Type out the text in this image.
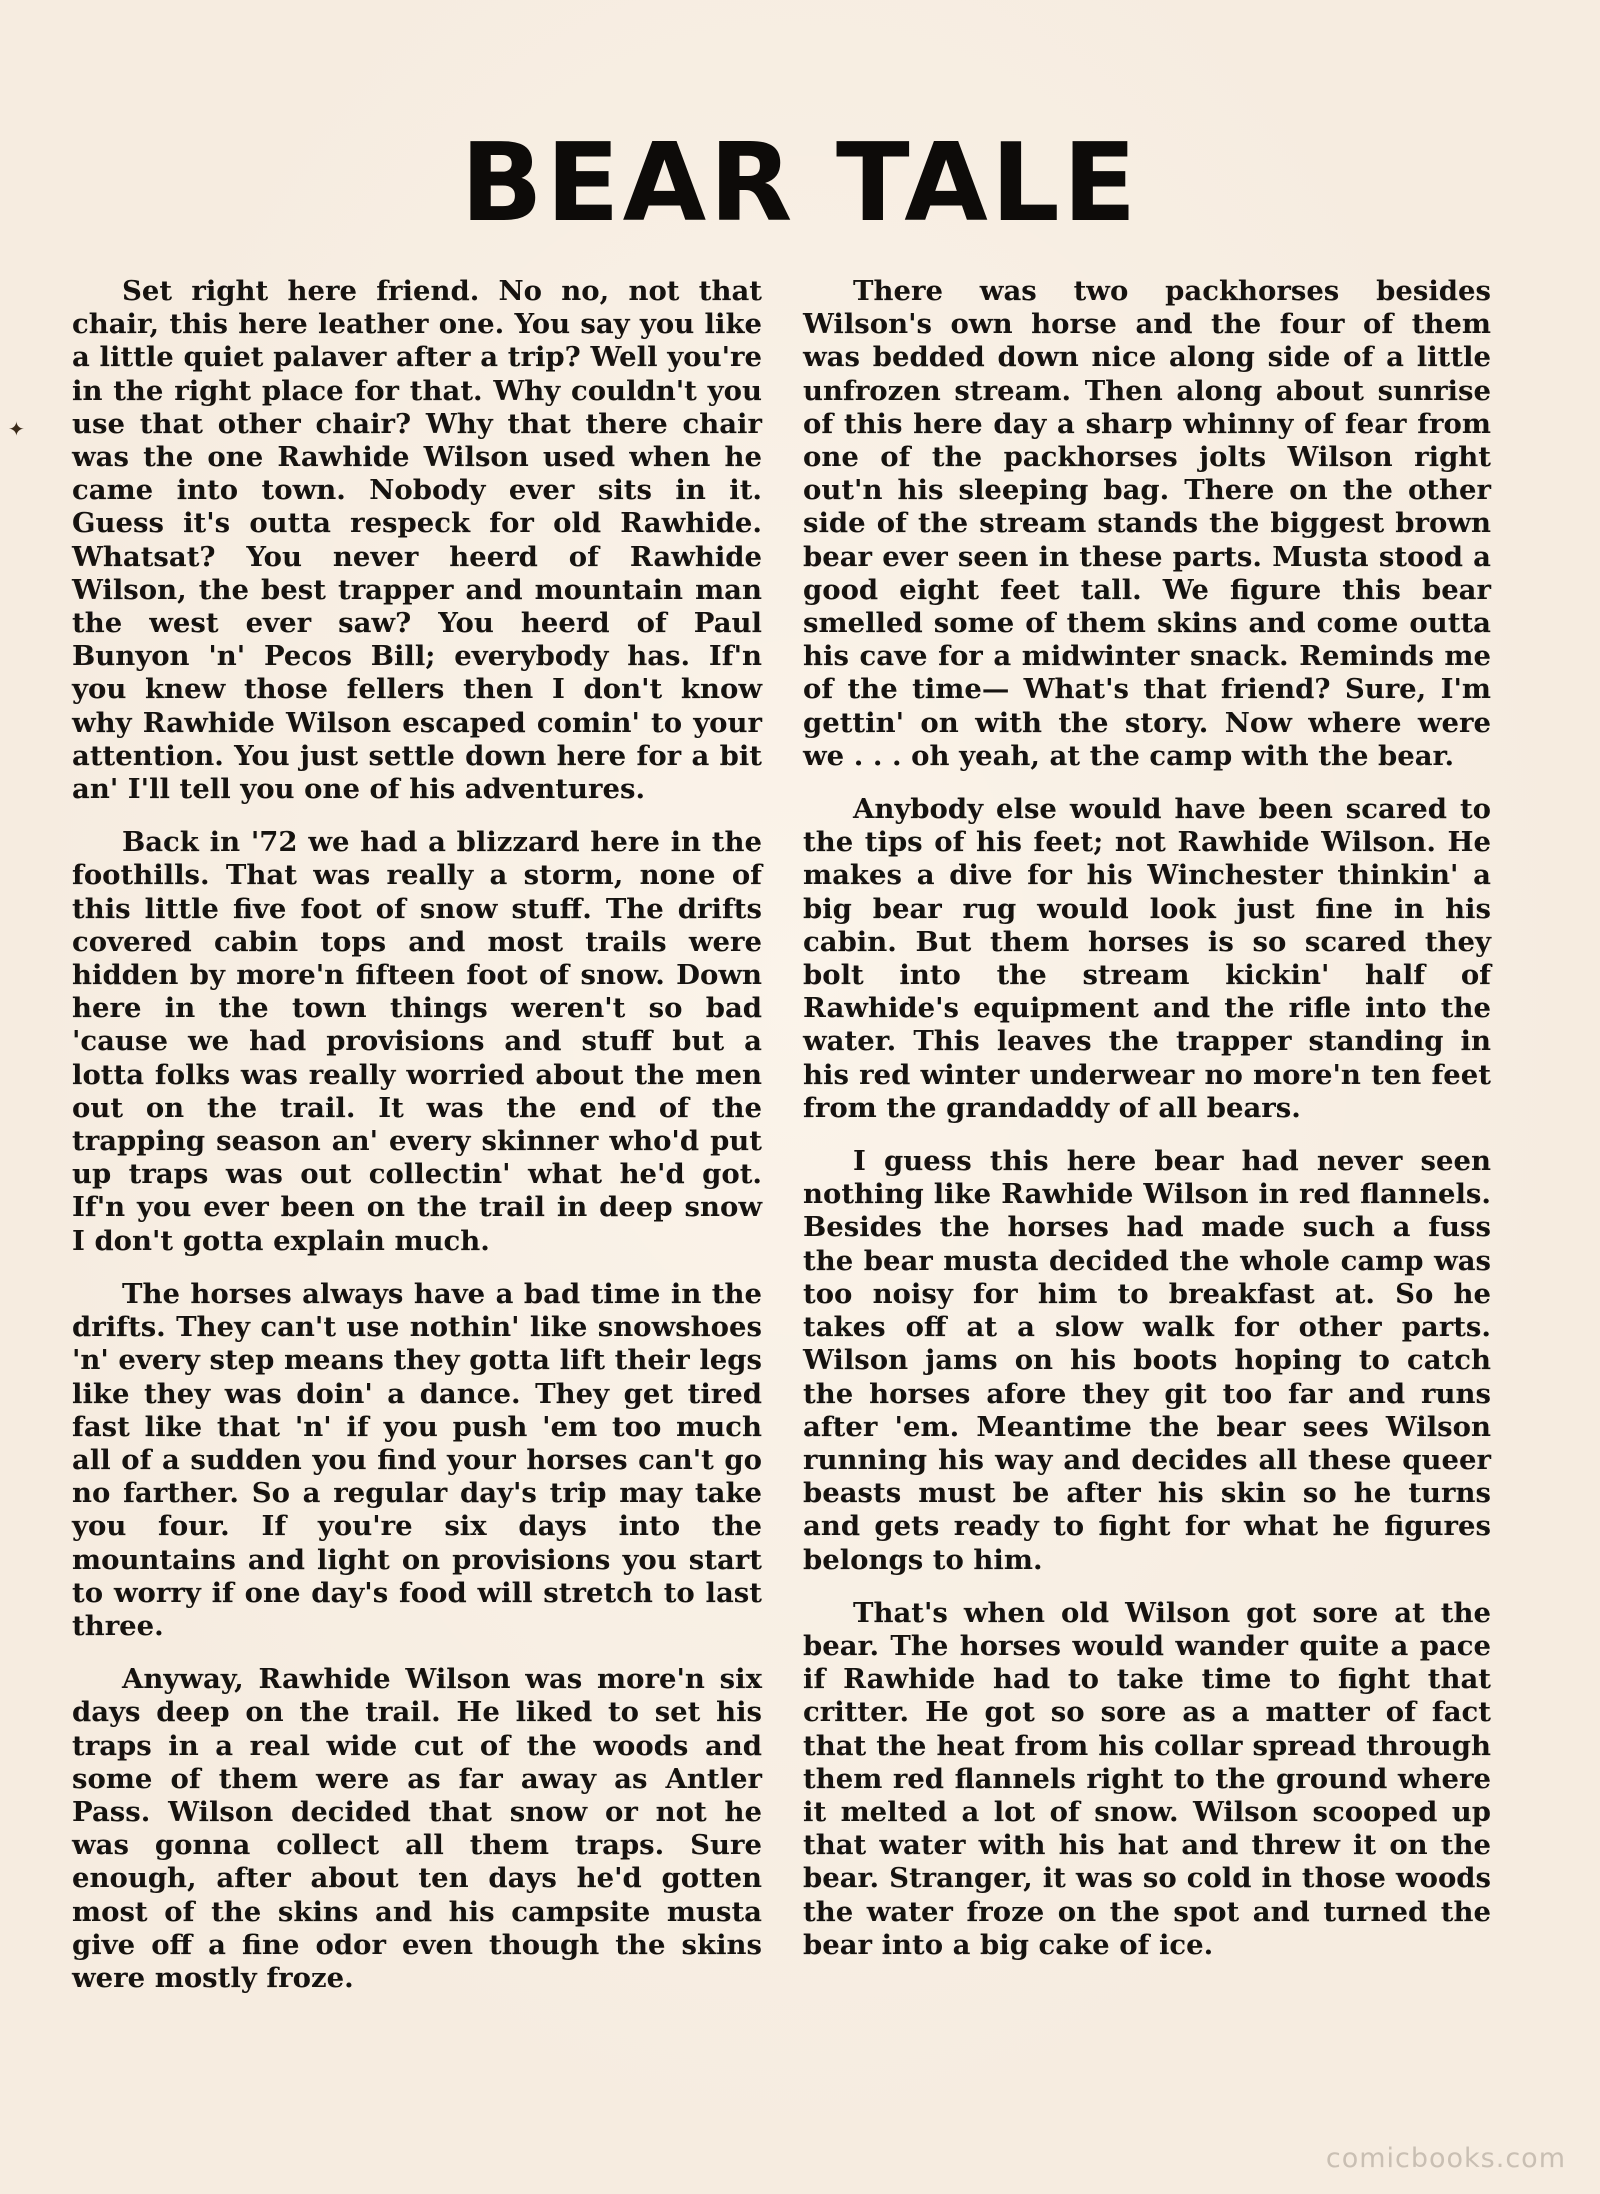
BEAR TALE

Set right here friend. No no, not that chair, this here leather one. You say you like a little quiet palaver after a trip? Well you're in the right place for that. Why couldn't you use that other chair? Why that there chair was the one Rawhide Wilson used when he came into town. Nobody ever sits in it. Guess it's outta respeck for old Rawhide. Whatsat? You never heerd of Rawhide Wilson, the best trapper and mountain man the west ever saw? You heerd of Paul Bunyon 'n' Pecos Bill; everybody has. If'n you knew those fellers then I don't know why Rawhide Wilson escaped comin' to your attention. You just settle down here for a bit an' I'll tell you one of his adventures.

Back in '72 we had a blizzard here in the foothills. That was really a storm, none of this little five foot of snow stuff. The drifts covered cabin tops and most trails were hidden by more'n fifteen foot of snow. Down here in the town things weren't so bad 'cause we had provisions and stuff but a lotta folks was really worried about the men out on the trail. It was the end of the trapping season an' every skinner who'd put up traps was out collectin' what he'd got. If'n you ever been on the trail in deep snow I don't gotta explain much.

The horses always have a bad time in the drifts. They can't use nothin' like snowshoes 'n' every step means they gotta lift their legs like they was doin' a dance. They get tired fast like that 'n' if you push 'em too much all of a sudden you find your horses can't go no farther. So a regular day's trip may take you four. If you're six days into the mountains and light on provisions you start to worry if one day's food will stretch to last three.

Anyway, Rawhide Wilson was more'n six days deep on the trail. He liked to set his traps in a real wide cut of the woods and some of them were as far away as Antler Pass. Wilson decided that snow or not he was gonna collect all them traps. Sure enough, after about ten days he'd gotten most of the skins and his campsite musta give off a fine odor even though the skins were mostly froze.

There was two packhorses besides Wilson's own horse and the four of them was bedded down nice along side of a little unfrozen stream. Then along about sunrise of this here day a sharp whinny of fear from one of the packhorses jolts Wilson right out'n his sleeping bag. There on the other side of the stream stands the biggest brown bear ever seen in these parts. Musta stood a good eight feet tall. We figure this bear smelled some of them skins and come outta his cave for a midwinter snack. Reminds me of the time— What's that friend? Sure, I'm gettin' on with the story. Now where were we . . . oh yeah, at the camp with the bear.

Anybody else would have been scared to the tips of his feet; not Rawhide Wilson. He makes a dive for his Winchester thinkin' a big bear rug would look just fine in his cabin. But them horses is so scared they bolt into the stream kickin' half of Rawhide's equipment and the rifle into the water. This leaves the trapper standing in his red winter underwear no more'n ten feet from the grandaddy of all bears.

I guess this here bear had never seen nothing like Rawhide Wilson in red flannels. Besides the horses had made such a fuss the bear musta decided the whole camp was too noisy for him to breakfast at. So he takes off at a slow walk for other parts. Wilson jams on his boots hoping to catch the horses afore they git too far and runs after 'em. Meantime the bear sees Wilson running his way and decides all these queer beasts must be after his skin so he turns and gets ready to fight for what he figures belongs to him.

That's when old Wilson got sore at the bear. The horses would wander quite a pace if Rawhide had to take time to fight that critter. He got so sore as a matter of fact that the heat from his collar spread through them red flannels right to the ground where it melted a lot of snow. Wilson scooped up that water with his hat and threw it on the bear. Stranger, it was so cold in those woods the water froze on the spot and turned the bear into a big cake of ice.

✦
comicbooks.com
